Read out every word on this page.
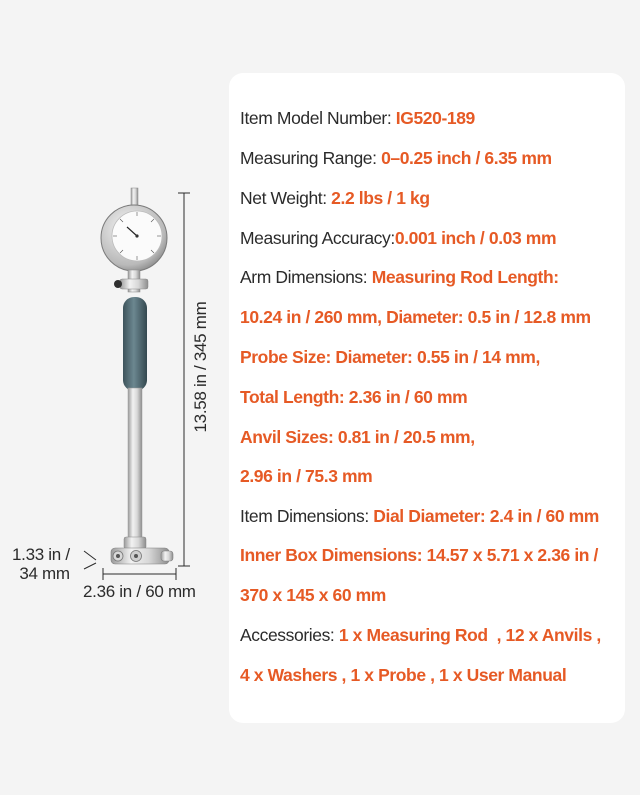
13.58 in / 345 mm
1.33 in /
34 mm
2.36 in / 60 mm
Item Model Number: IG520-189
Measuring Range: 0–0.25 inch / 6.35 mm
Net Weight: 2.2 lbs / 1 kg
Measuring Accuracy:0.001 inch / 0.03 mm
Arm Dimensions: Measuring Rod Length:
10.24 in / 260 mm, Diameter: 0.5 in / 12.8 mm
Probe Size: Diameter: 0.55 in / 14 mm,
Total Length: 2.36 in / 60 mm
Anvil Sizes: 0.81 in / 20.5 mm,
2.96 in / 75.3 mm
Item Dimensions: Dial Diameter: 2.4 in / 60 mm
Inner Box Dimensions: 14.57 x 5.71 x 2.36 in /
370 x 145 x 60 mm
Accessories: 1 x Measuring Rod  , 12 x Anvils ,
4 x Washers , 1 x Probe , 1 x User Manual
